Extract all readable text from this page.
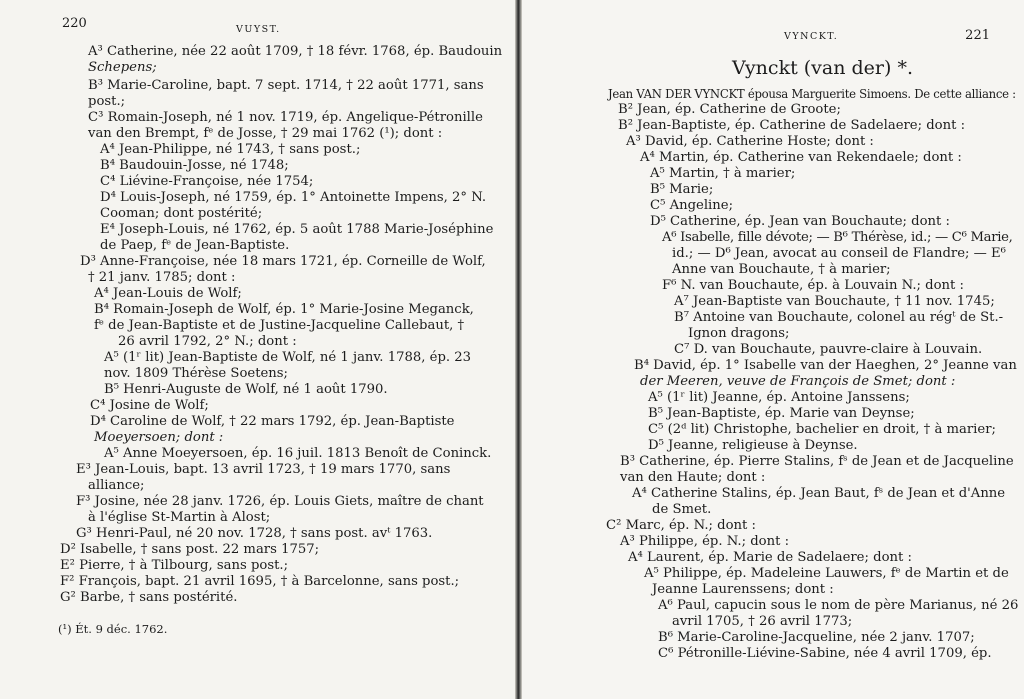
220	VUYST.
A³ Catherine, née 22 août 1709, † 18 févr. 1768, ép. Baudouin
Schepens;
B³ Marie-Caroline, bapt. 7 sept. 1714, † 22 août 1771, sans
post.;
C³ Romain-Joseph, né 1 nov. 1719, ép. Angelique-Pétronille
van den Brempt, fᵉ de Josse, † 29 mai 1762 (¹); dont :
A⁴ Jean-Philippe, né 1743, † sans post.;
B⁴ Baudouin-Josse, né 1748;
C⁴ Liévine-Françoise, née 1754;
D⁴ Louis-Joseph, né 1759, ép. 1° Antoinette Impens, 2° N.
Cooman; dont postérité;
E⁴ Joseph-Louis, né 1762, ép. 5 août 1788 Marie-Joséphine
de Paep, fᵉ de Jean-Baptiste.
D³ Anne-Françoise, née 18 mars 1721, ép. Corneille de Wolf,
† 21 janv. 1785; dont :
A⁴ Jean-Louis de Wolf;
B⁴ Romain-Joseph de Wolf, ép. 1° Marie-Josine Meganck,
fᵉ de Jean-Baptiste et de Justine-Jacqueline Callebaut, †
26 avril 1792, 2° N.; dont :
A⁵ (1ʳ lit) Jean-Baptiste de Wolf, né 1 janv. 1788, ép. 23
nov. 1809 Thérèse Soetens;
B⁵ Henri-Auguste de Wolf, né 1 août 1790.
C⁴ Josine de Wolf;
D⁴ Caroline de Wolf, † 22 mars 1792, ép. Jean-Baptiste
Moeyersoen; dont :
A⁵ Anne Moeyersoen, ép. 16 juil. 1813 Benoît de Coninck.
E³ Jean-Louis, bapt. 13 avril 1723, † 19 mars 1770, sans
alliance;
F³ Josine, née 28 janv. 1726, ép. Louis Giets, maître de chant
à l'église St-Martin à Alost;
G³ Henri-Paul, né 20 nov. 1728, † sans post. avᵗ 1763.
D² Isabelle, † sans post. 22 mars 1757;
E² Pierre, † à Tilbourg, sans post.;
F² François, bapt. 21 avril 1695, † à Barcelonne, sans post.;
G² Barbe, † sans postérité.
(¹) Ét. 9 déc. 1762.
VYNCKT.	221
Vynckt (van der) *.
Jean VAN DER VYNCKT épousa Marguerite Simoens. De cette alliance :
B² Jean, ép. Catherine de Groote;
B² Jean-Baptiste, ép. Catherine de Sadelaere; dont :
A³ David, ép. Catherine Hoste; dont :
A⁴ Martin, ép. Catherine van Rekendaele; dont :
A⁵ Martin, † à marier;
B⁵ Marie;
C⁵ Angeline;
D⁵ Catherine, ép. Jean van Bouchaute; dont :
A⁶ Isabelle, fille dévote; — B⁶ Thérèse, id.; — C⁶ Marie,
id.; — D⁶ Jean, avocat au conseil de Flandre; — E⁶
Anne van Bouchaute, † à marier;
F⁶ N. van Bouchaute, ép. à Louvain N.; dont :
A⁷ Jean-Baptiste van Bouchaute, † 11 nov. 1745;
B⁷ Antoine van Bouchaute, colonel au régᵗ de St.-
Ignon dragons;
C⁷ D. van Bouchaute, pauvre-claire à Louvain.
B⁴ David, ép. 1° Isabelle van der Haeghen, 2° Jeanne van
der Meeren, veuve de François de Smet; dont :
A⁵ (1ʳ lit) Jeanne, ép. Antoine Janssens;
B⁵ Jean-Baptiste, ép. Marie van Deynse;
C⁵ (2ᵈ lit) Christophe, bachelier en droit, † à marier;
D⁵ Jeanne, religieuse à Deynse.
B³ Catherine, ép. Pierre Stalins, fˢ de Jean et de Jacqueline
van den Haute; dont :
A⁴ Catherine Stalins, ép. Jean Baut, fˢ de Jean et d'Anne
de Smet.
C² Marc, ép. N.; dont :
A³ Philippe, ép. N.; dont :
A⁴ Laurent, ép. Marie de Sadelaere; dont :
A⁵ Philippe, ép. Madeleine Lauwers, fᵉ de Martin et de
Jeanne Laurenssens; dont :
A⁶ Paul, capucin sous le nom de père Marianus, né 26
avril 1705, † 26 avril 1773;
B⁶ Marie-Caroline-Jacqueline, née 2 janv. 1707;
C⁶ Pétronille-Liévine-Sabine, née 4 avril 1709, ép.
